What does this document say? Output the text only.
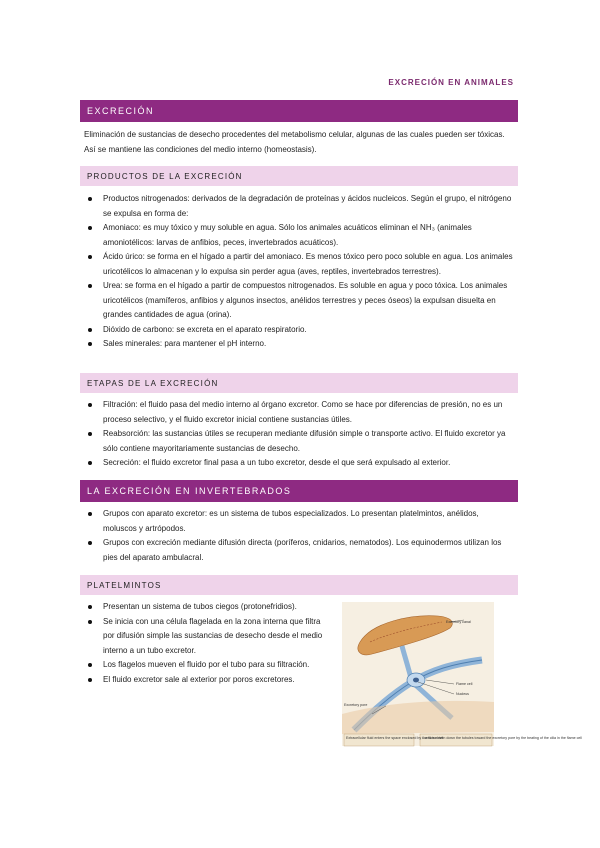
EXCRECIÓN EN ANIMALES
EXCRECIÓN
Eliminación de sustancias de desecho procedentes del metabolismo celular, algunas de las cuales pueden ser tóxicas. Así se mantiene las condiciones del medio interno (homeostasis).
PRODUCTOS DE LA EXCRECIÓN
Productos nitrogenados: derivados de la degradación de proteínas y ácidos nucleicos. Según el grupo, el nitrógeno se expulsa en forma de:
Amoniaco: es muy tóxico y muy soluble en agua. Sólo los animales acuáticos eliminan el NH₃ (animales amoniotélicos: larvas de anfibios, peces, invertebrados acuáticos).
Ácido úrico: se forma en el hígado a partir del amoniaco. Es menos tóxico pero poco soluble en agua. Los animales uricotélicos lo almacenan y lo expulsa sin perder agua (aves, reptiles, invertebrados terrestres).
Urea: se forma en el hígado a partir de compuestos nitrogenados. Es soluble en agua y poco tóxica. Los animales uricotélicos (mamíferos, anfibios y algunos insectos, anélidos terrestres y peces óseos) la expulsan disuelta en grandes cantidades de agua (orina).
Dióxido de carbono: se excreta en el aparato respiratorio.
Sales minerales: para mantener el pH interno.
ETAPAS DE LA EXCRECIÓN
Filtración: el fluido pasa del medio interno al órgano excretor. Como se hace por diferencias de presión, no es un proceso selectivo, y el fluido excretor inicial contiene sustancias útiles.
Reabsorción: las sustancias útiles se recuperan mediante difusión simple o transporte activo. El fluido excretor ya sólo contiene mayoritariamente sustancias de desecho.
Secreción: el fluido excretor final pasa a un tubo excretor, desde el que será expulsado al exterior.
LA EXCRECIÓN EN INVERTEBRADOS
Grupos con aparato excretor: es un sistema de tubos especializados. Lo presentan platelmintos, anélidos, moluscos y artrópodos.
Grupos con excreción mediante difusión directa (poríferos, cnidarios, nematodos). Los equinodermos utilizan los pies del aparato ambulacral.
PLATELMINTOS
Presentan un sistema de tubos ciegos (protonefridios).
Se inicia con una célula flagelada en la zona interna que filtra por difusión simple las sustancias de desecho desde el medio interno a un tubo excretor.
Los flagelos mueven el fluido por el tubo para su filtración.
El fluido excretor sale al exterior por poros excretores.
Excretory canal
Flame cell
Nucleus
Excretory pore
Extracellular fluid enters the space enclosed by the flame cell
...and is driven down the tubules toward the excretory pore by the beating of the cilia in the flame cell
